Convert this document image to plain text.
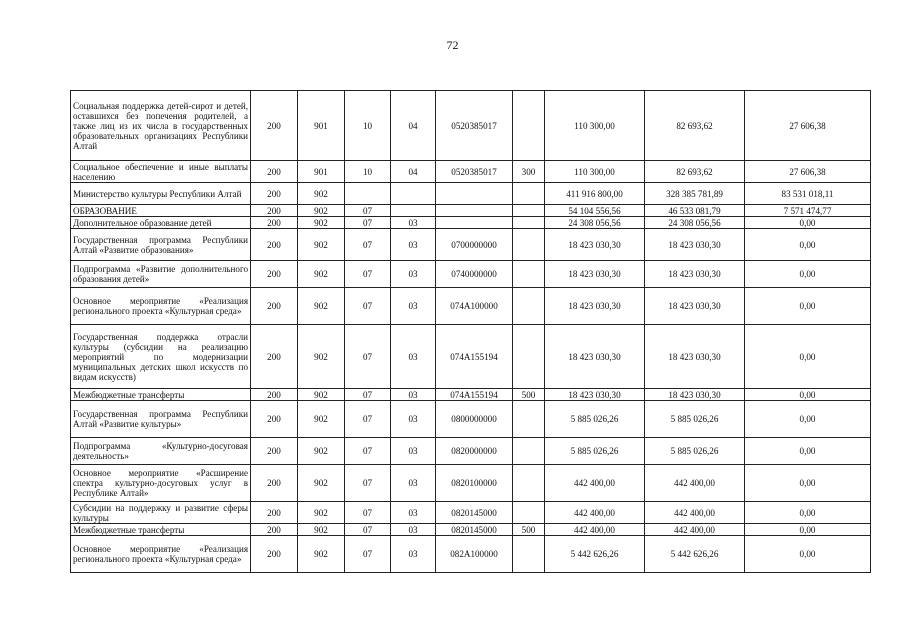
72
Социальная поддержка детей-сирот и детей, оставшихся без попечения родителей, а также лиц из их числа в государственных образовательных организациях Республики Алтай	200	901	10	04	0520385017		110 300,00	82 693,62	27 606,38
Социальное обеспечение и иные выплаты населению	200	901	10	04	0520385017	300	110 300,00	82 693,62	27 606,38
Министерство культуры Республики Алтай	200	902					411 916 800,00	328 385 781,89	83 531 018,11
ОБРАЗОВАНИЕ	200	902	07				54 104 556,56	46 533 081,79	7 571 474,77
Дополнительное образование детей	200	902	07	03			24 308 056,56	24 308 056,56	0,00
Государственная программа Республики Алтай «Развитие образования»	200	902	07	03	0700000000		18 423 030,30	18 423 030,30	0,00
Подпрограмма «Развитие дополнительного образования детей»	200	902	07	03	0740000000		18 423 030,30	18 423 030,30	0,00
Основное мероприятие «Реализация регионального проекта «Культурная среда»	200	902	07	03	074A100000		18 423 030,30	18 423 030,30	0,00
Государственная поддержка отрасли культуры (субсидии на реализацию мероприятий по модернизации муниципальных детских школ искусств по видам искусств)	200	902	07	03	074A155194		18 423 030,30	18 423 030,30	0,00
Межбюджетные трансферты	200	902	07	03	074A155194	500	18 423 030,30	18 423 030,30	0,00
Государственная программа Республики Алтай «Развитие культуры»	200	902	07	03	0800000000		5 885 026,26	5 885 026,26	0,00
Подпрограмма «Культурно-досуговая деятельность»	200	902	07	03	0820000000		5 885 026,26	5 885 026,26	0,00
Основное мероприятие «Расширение спектра культурно-досуговых услуг в Республике Алтай»	200	902	07	03	0820100000		442 400,00	442 400,00	0,00
Субсидии на поддержку и развитие сферы культуры	200	902	07	03	0820145000		442 400,00	442 400,00	0,00
Межбюджетные трансферты	200	902	07	03	0820145000	500	442 400,00	442 400,00	0,00
Основное мероприятие «Реализация регионального проекта «Культурная среда»	200	902	07	03	082A100000		5 442 626,26	5 442 626,26	0,00
